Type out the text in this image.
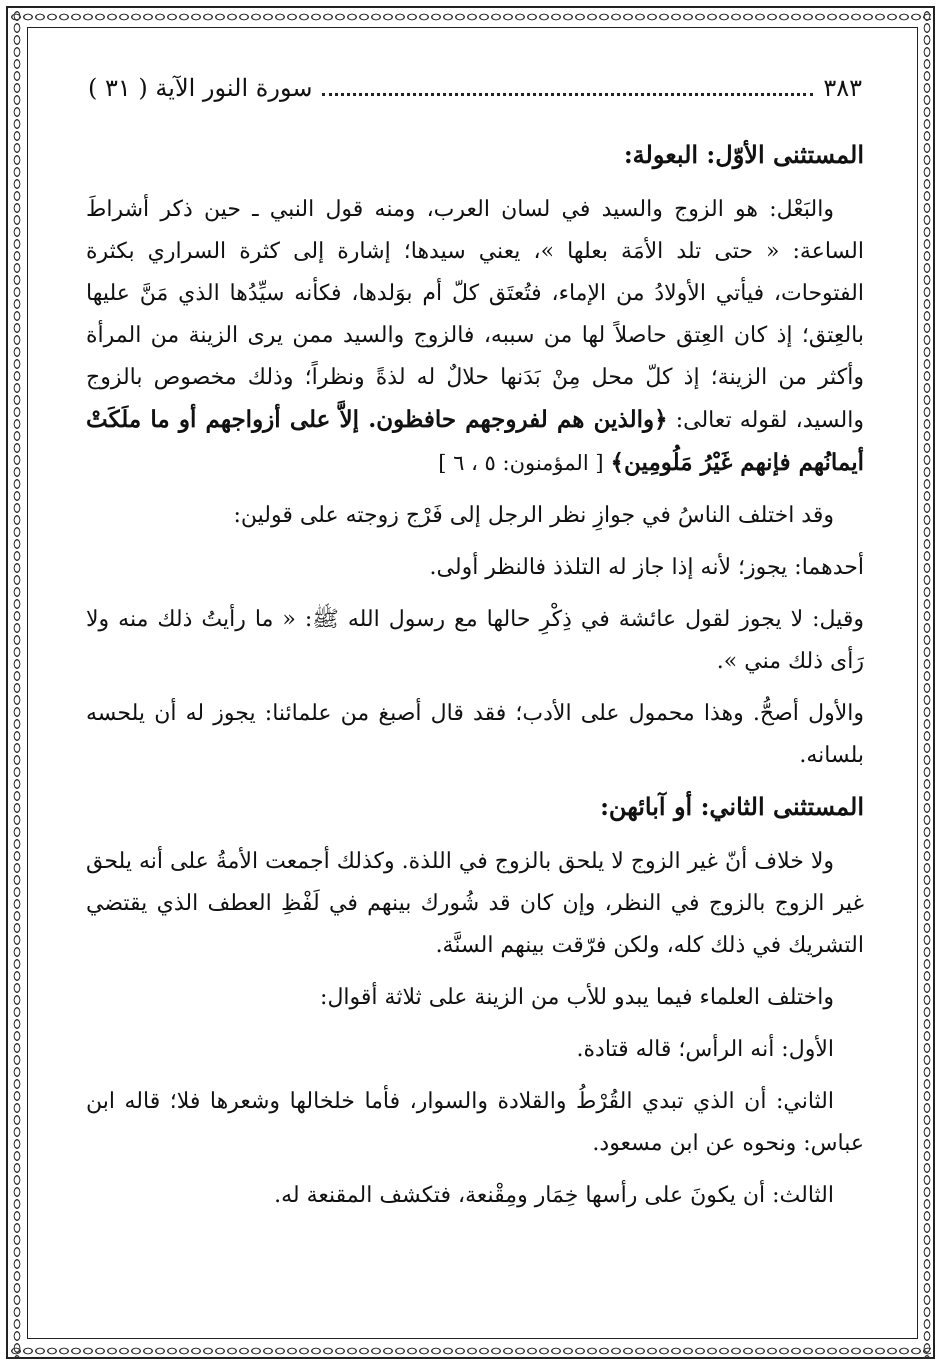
سورة النور الآية ( ٣١ )	٣٨٣
المستثنى الأوّل: البعولة:

والبَعْل: هو الزوج والسيد في لسان العرب، ومنه قول النبي ـ حين ذكر أشراطَ الساعة: « حتى تلد الأمَة بعلها »، يعني سيدها؛ إشارة إلى كثرة السراري بكثرة الفتوحات، فيأتي الأولادُ من الإماء، فتُعتَق كلّ أم بوَلدها، فكأنه سيِّدُها الذي مَنَّ عليها بالعِتق؛ إذ كان العِتق حاصلاً لها من سببه، فالزوج والسيد ممن يرى الزينة من المرأة وأكثر من الزينة؛ إذ كلّ محل مِنْ بَدَنها حلالٌ له لذةً ونظراً؛ وذلك مخصوص بالزوج والسيد، لقوله تعالى: ﴿والذين هم لفروجهم حافظون. إلاَّ على أزواجهم أو ما ملَكَتْ أيمانُهم فإنهم غَيْرُ مَلُومِين﴾ [ المؤمنون: ٥ ، ٦ ]

وقد اختلف الناسُ في جوازِ نظر الرجل إلى فَرْج زوجته على قولين:

أحدهما: يجوز؛ لأنه إذا جاز له التلذذ فالنظر أولى.

وقيل: لا يجوز لقول عائشة في ذِكْرِ حالها مع رسول الله ﷺ: « ما رأيتُ ذلك منه ولا رَأى ذلك مني ».

والأول أصحُّ. وهذا محمول على الأدب؛ فقد قال أصبغ من علمائنا: يجوز له أن يلحسه بلسانه.

المستثنى الثاني: أو آبائهن:

ولا خلاف أنّ غير الزوج لا يلحق بالزوج في اللذة. وكذلك أجمعت الأمةُ على أنه يلحق غير الزوج بالزوج في النظر، وإن كان قد شُورك بينهم في لَفْظِ العطف الذي يقتضي التشريك في ذلك كله، ولكن فرّقت بينهم السنَّة.

واختلف العلماء فيما يبدو للأب من الزينة على ثلاثة أقوال:

الأول: أنه الرأس؛ قاله قتادة.

الثاني: أن الذي تبدي القُرْطُ والقلادة والسوار، فأما خلخالها وشعرها فلا؛ قاله ابن عباس: ونحوه عن ابن مسعود.

الثالث: أن يكونَ على رأسها خِمَار ومِقْنعة، فتكشف المقنعة له.
